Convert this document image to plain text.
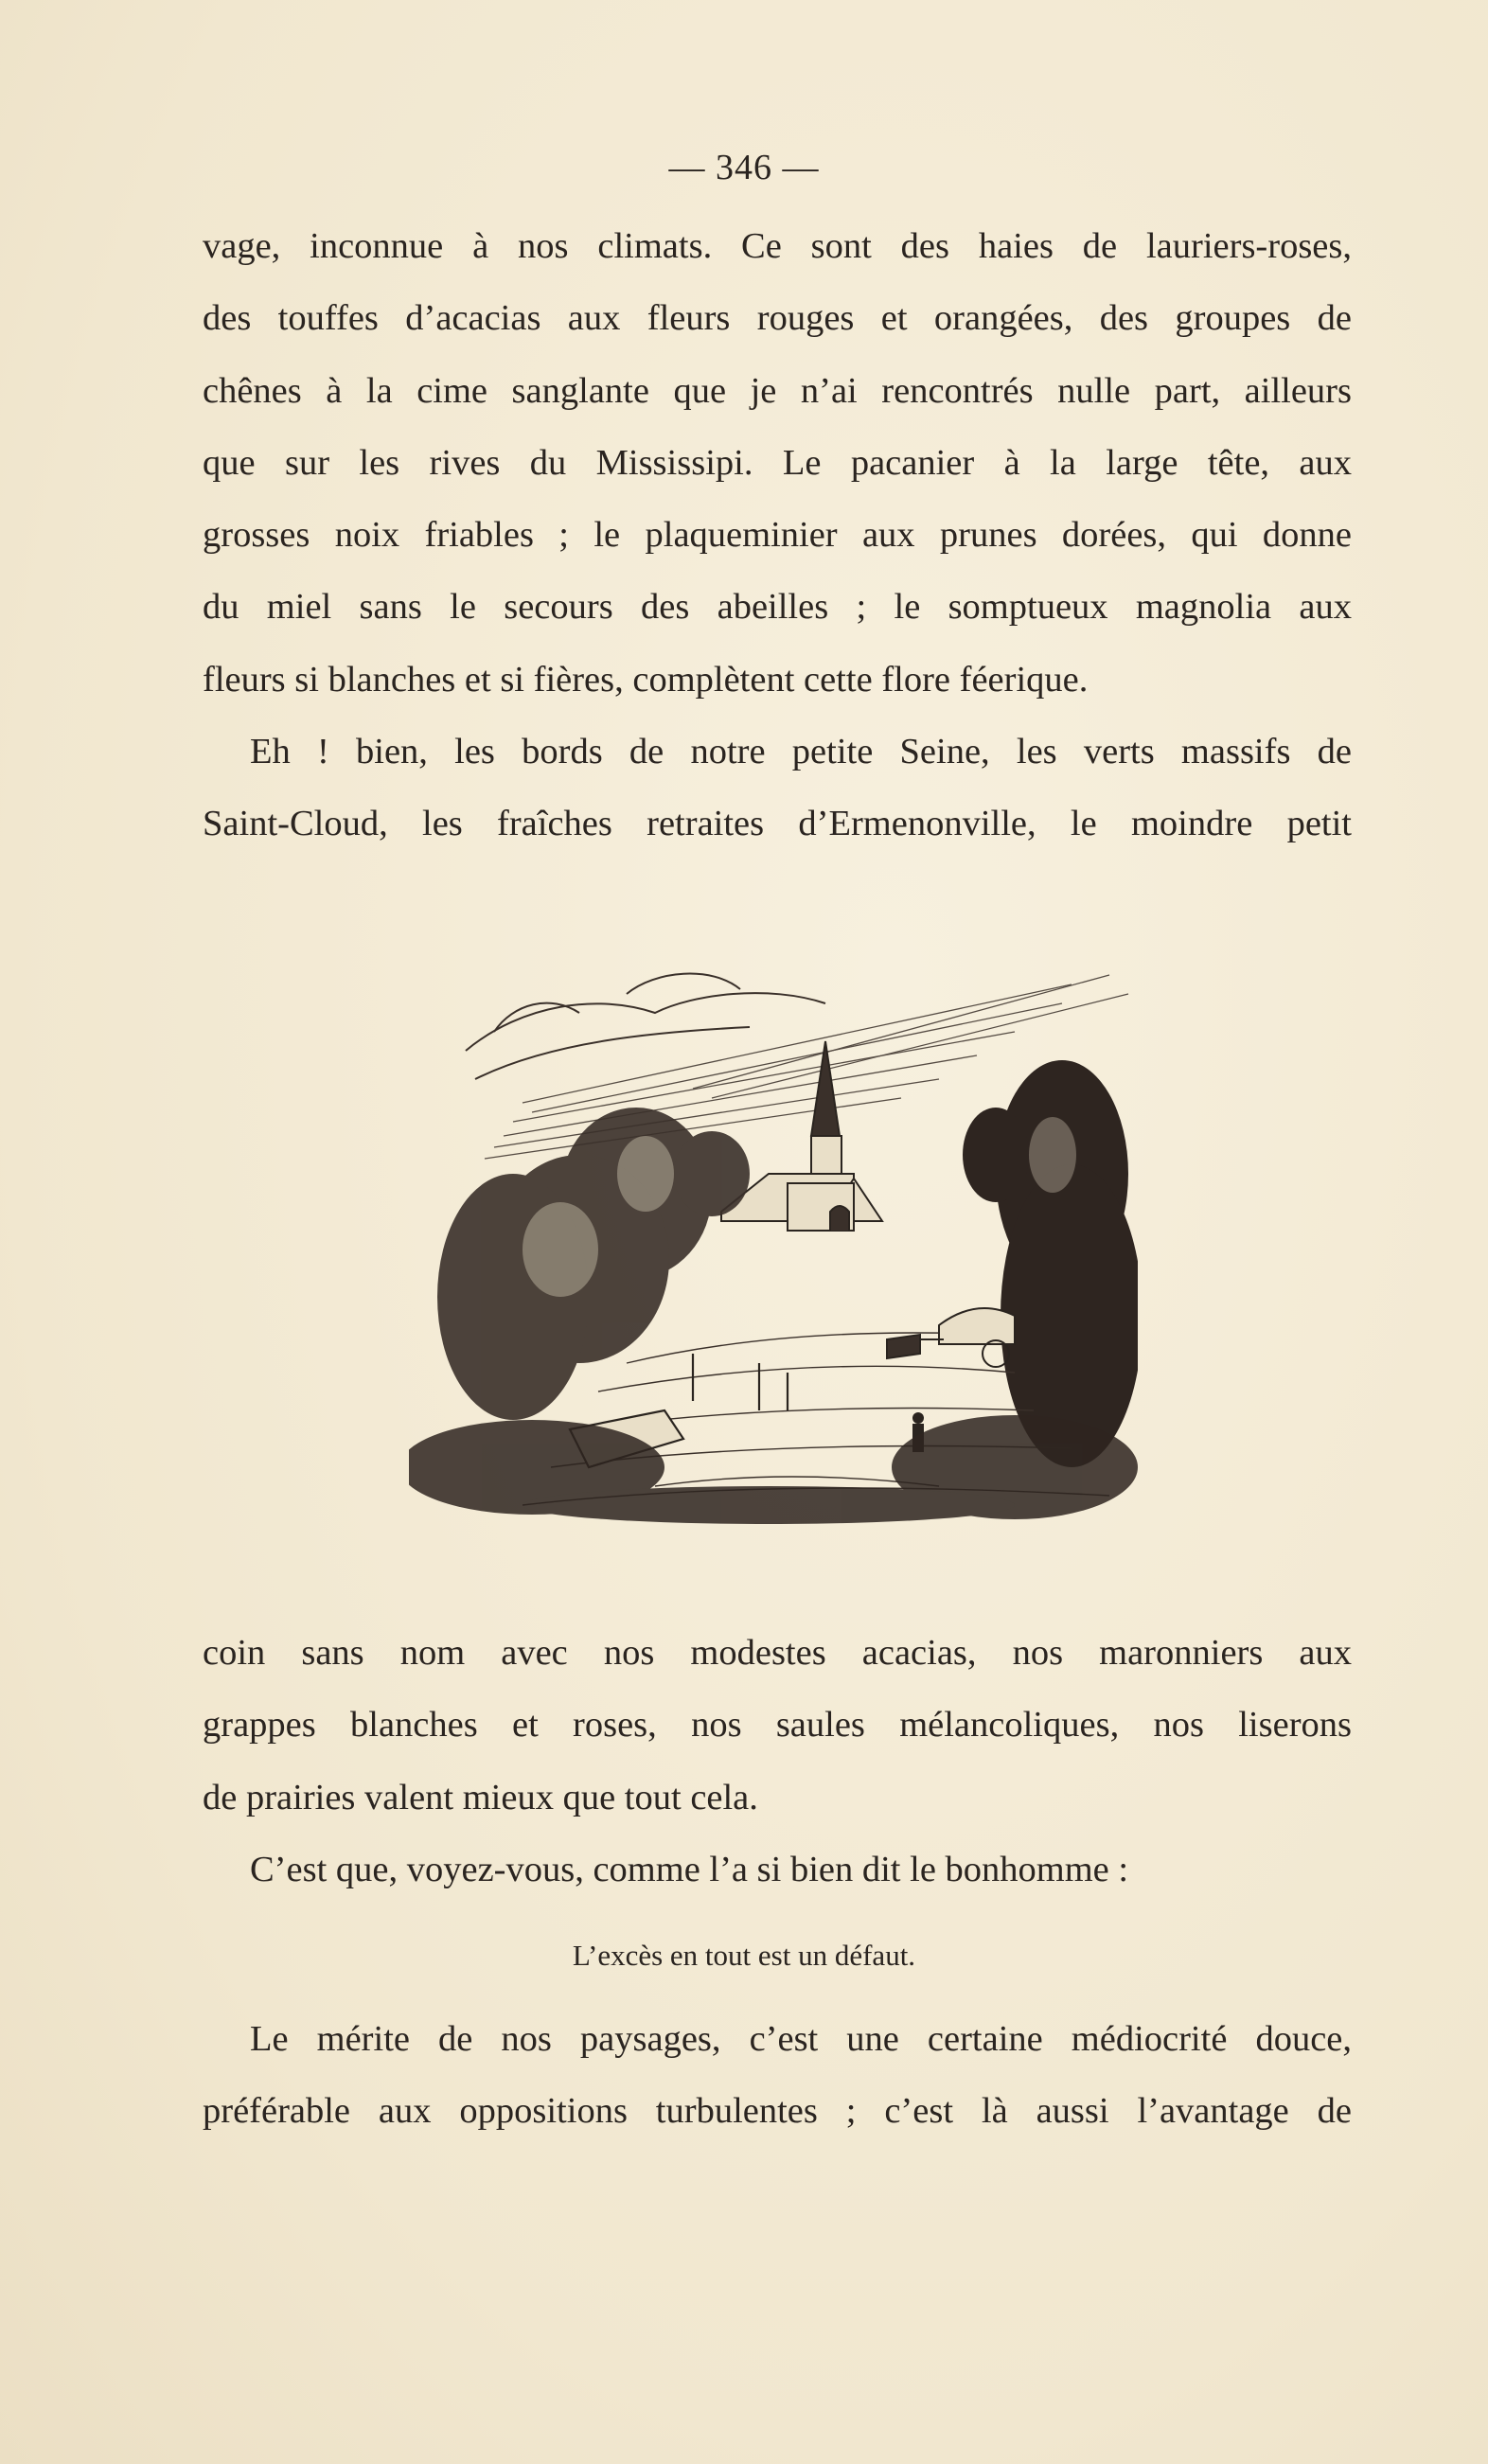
— 346 —
vage, inconnue à nos climats. Ce sont des haies de lauriers-roses,
des touffes d’acacias aux fleurs rouges et orangées, des groupes de
chênes à la cime sanglante que je n’ai rencontrés nulle part, ailleurs
que sur les rives du Mississipi. Le pacanier à la large tête, aux
grosses noix friables ; le plaqueminier aux prunes dorées, qui donne
du miel sans le secours des abeilles ; le somptueux magnolia aux
fleurs si blanches et si fières, complètent cette flore féerique.
Eh ! bien, les bords de notre petite Seine, les verts massifs de
Saint-Cloud, les fraîches retraites d’Ermenonville, le moindre petit
coin sans nom avec nos modestes acacias, nos maronniers aux
grappes blanches et roses, nos saules mélancoliques, nos liserons
de prairies valent mieux que tout cela.
C’est que, voyez-vous, comme l’a si bien dit le bonhomme :
L’excès en tout est un défaut.
Le mérite de nos paysages, c’est une certaine médiocrité douce,
préférable aux oppositions turbulentes ; c’est là aussi l’avantage de
